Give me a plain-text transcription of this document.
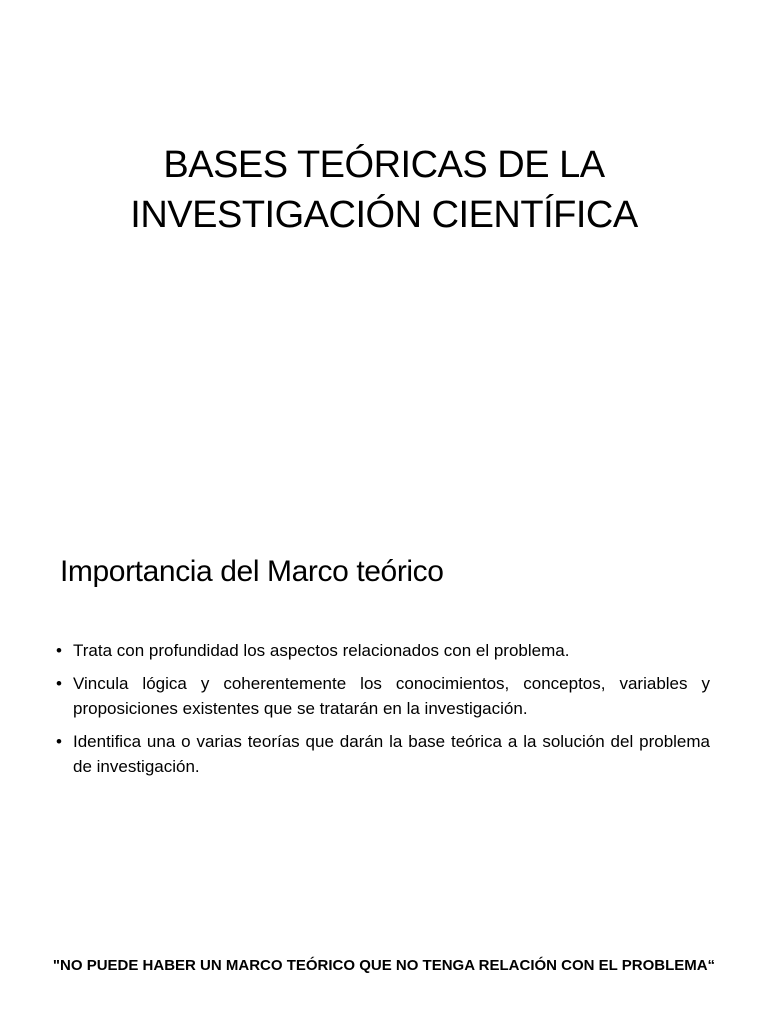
BASES TEÓRICAS DE LA
INVESTIGACIÓN CIENTÍFICA
Importancia del Marco teórico
• Trata con profundidad los aspectos relacionados con el problema.
• Vincula lógica y coherentemente los conocimientos, conceptos, variables y proposiciones existentes que se tratarán en la investigación.
• Identifica una o varias teorías que darán la base teórica a la solución del problema de investigación.

"NO PUEDE HABER UN MARCO TEÓRICO QUE NO TENGA RELACIÓN CON EL PROBLEMA“
